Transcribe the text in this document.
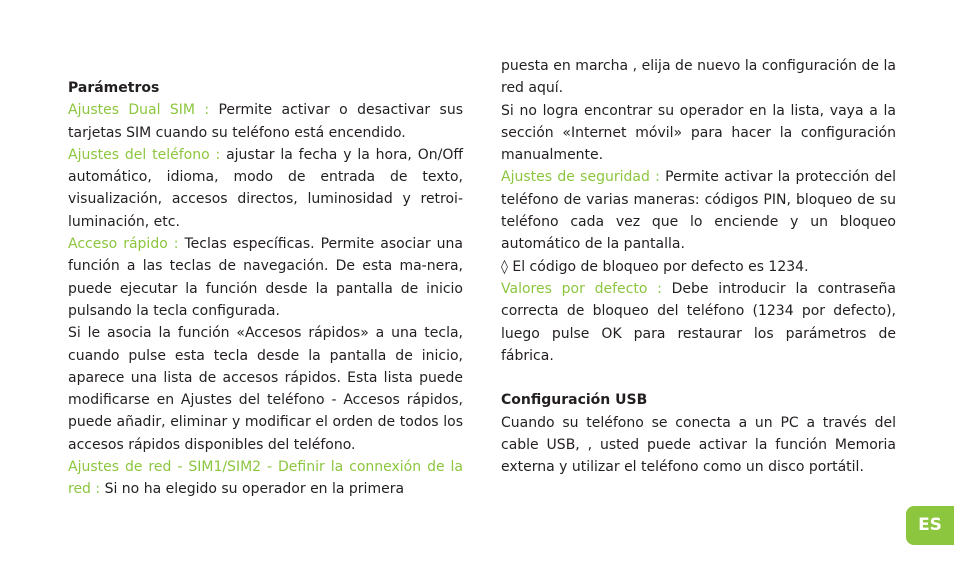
Parámetros

Ajustes Dual SIM : Permite activar o desactivar sus tarjetas SIM cuando su teléfono está encendido.

Ajustes del teléfono : ajustar la fecha y la hora, On/Off automático, idioma, modo de entrada de texto, visualización, accesos directos, luminosidad y retroi-luminación, etc.

Acceso rápido : Teclas específicas. Permite asociar una función a las teclas de navegación. De esta ma-nera, puede ejecutar la función desde la pantalla de inicio pulsando la tecla configurada.

Si le asocia la función «Accesos rápidos» a una tecla, cuando pulse esta tecla desde la pantalla de inicio, aparece una lista de accesos rápidos. Esta lista puede modificarse en Ajustes del teléfono - Accesos rápidos, puede añadir, eliminar y modificar el orden de todos los accesos rápidos disponibles del teléfono.

Ajustes de red - SIM1/SIM2 - Definir la connexión de la red : Si no ha elegido su operador en la primera

puesta en marcha , elija de nuevo la configuración de la red aquí.

Si no logra encontrar su operador en la lista, vaya a la sección «Internet móvil» para hacer la configuración manualmente.

Ajustes de seguridad : Permite activar la protección del teléfono de varias maneras: códigos PIN, bloqueo de su teléfono cada vez que lo enciende y un bloqueo automático de la pantalla.

◊ El código de bloqueo por defecto es 1234.

Valores por defecto : Debe introducir la contraseña correcta de bloqueo del teléfono (1234 por defecto), luego pulse OK para restaurar los parámetros de fábrica.

Configuración USB

Cuando su teléfono se conecta a un PC a través del cable USB, , usted puede activar la función Memoria externa y utilizar el teléfono como un disco portátil.

ES
